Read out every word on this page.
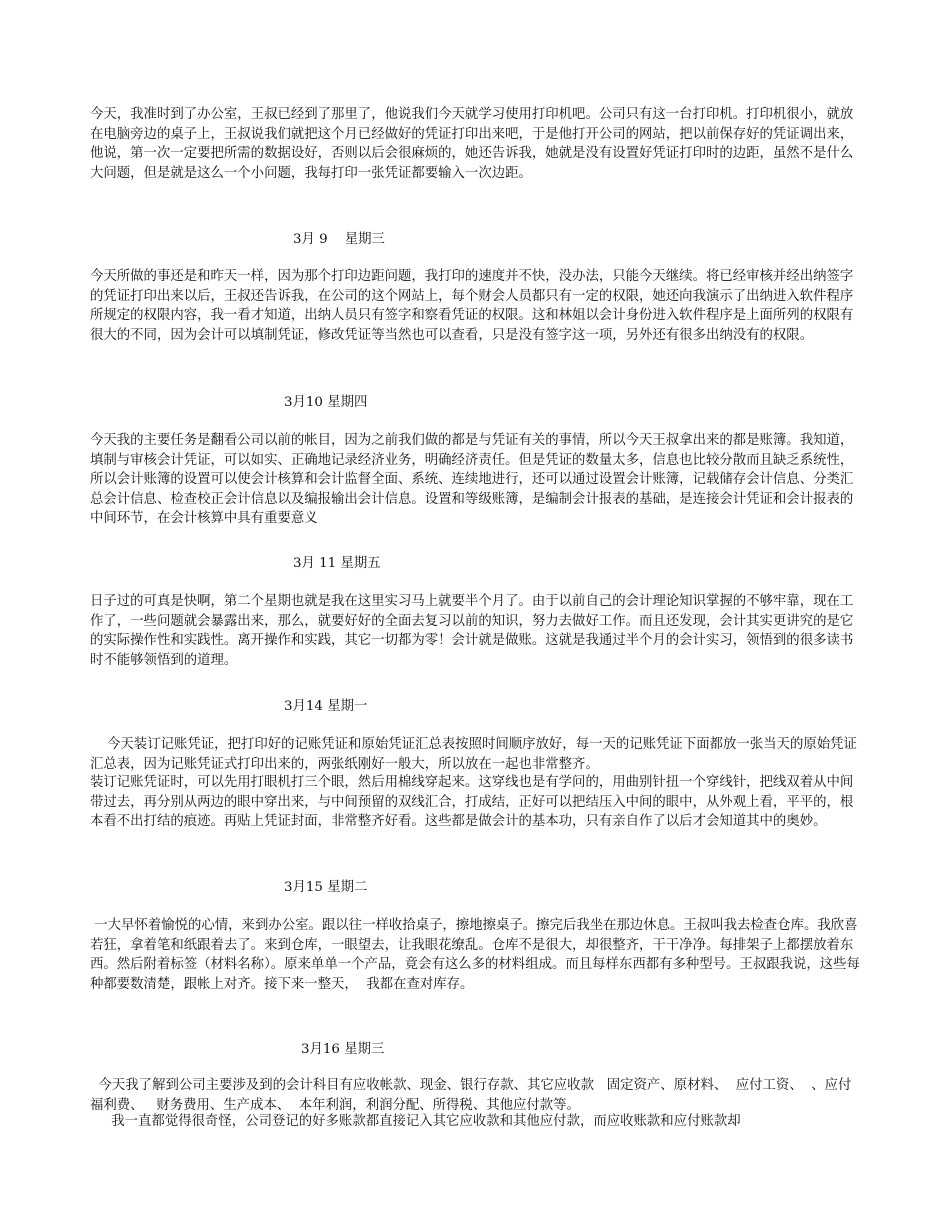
今天，我准时到了办公室，王叔已经到了那里了，他说我们今天就学习使用打印机吧。公司只有这一台打印机。打印机很小，就放在电脑旁边的桌子上，王叔说我们就把这个月已经做好的凭证打印出来吧，于是他打开公司的网站，把以前保存好的凭证调出来，他说，第一次一定要把所需的数据设好，否则以后会很麻烦的，她还告诉我，她就是没有设置好凭证打印时的边距，虽然不是什么大问题，但是就是这么一个小问题，我每打印一张凭证都要输入一次边距。

3月 9    星期三

今天所做的事还是和昨天一样，因为那个打印边距问题，我打印的速度并不快，没办法，只能今天继续。将已经审核并经出纳签字的凭证打印出来以后，王叔还告诉我，在公司的这个网站上，每个财会人员都只有一定的权限，她还向我演示了出纳进入软件程序所规定的权限内容，我一看才知道，出纳人员只有签字和察看凭证的权限。这和林姐以会计身份进入软件程序是上面所列的权限有很大的不同，因为会计可以填制凭证，修改凭证等当然也可以查看，只是没有签字这一项，另外还有很多出纳没有的权限。

3月10 星期四

今天我的主要任务是翻看公司以前的帐目，因为之前我们做的都是与凭证有关的事情，所以今天王叔拿出来的都是账簿。我知道，填制与审核会计凭证，可以如实、正确地记录经济业务，明确经济责任。但是凭证的数量太多，信息也比较分散而且缺乏系统性，所以会计账簿的设置可以使会计核算和会计监督全面、系统、连续地进行，还可以通过设置会计账簿，记载储存会计信息、分类汇总会计信息、检查校正会计信息以及编报输出会计信息。设置和等级账簿，是编制会计报表的基础，是连接会计凭证和会计报表的中间环节，在会计核算中具有重要意义

3月 11 星期五

日子过的可真是快啊，第二个星期也就是我在这里实习马上就要半个月了。由于以前自己的会计理论知识掌握的不够牢靠，现在工作了，一些问题就会暴露出来，那么，就要好好的全面去复习以前的知识，努力去做好工作。而且还发现，会计其实更讲究的是它的实际操作性和实践性。离开操作和实践，其它一切都为零！会计就是做账。这就是我通过半个月的会计实习，领悟到的很多读书时不能够领悟到的道理。

3月14 星期一

今天装订记账凭证，把打印好的记账凭证和原始凭证汇总表按照时间顺序放好，每一天的记账凭证下面都放一张当天的原始凭证汇总表，因为记账凭证式打印出来的，两张纸刚好一般大，所以放在一起也非常整齐。

装订记账凭证时，可以先用打眼机打三个眼，然后用棉线穿起来。这穿线也是有学问的，用曲别针扭一个穿线针，把线双着从中间带过去，再分别从两边的眼中穿出来，与中间预留的双线汇合，打成结，正好可以把结压入中间的眼中，从外观上看，平平的，根本看不出打结的痕迹。再贴上凭证封面，非常整齐好看。这些都是做会计的基本功，只有亲自作了以后才会知道其中的奥妙。

3月15 星期二

一大早怀着愉悦的心情，来到办公室。跟以往一样收拾桌子，擦地擦桌子。擦完后我坐在那边休息。王叔叫我去检查仓库。我欣喜若狂，拿着笔和纸跟着去了。来到仓库，一眼望去，让我眼花缭乱。仓库不是很大，却很整齐，干干净净。每排架子上都摆放着东西。然后附着标签（材料名称）。原来单单一个产品，竟会有这么多的材料组成。而且每样东西都有多种型号。王叔跟我说，这些每种都要数清楚，跟帐上对齐。接下来一整天，  我都在查对库存。

3月16 星期三

今天我了解到公司主要涉及到的会计科目有应收帐款、现金、银行存款、其它应收款   固定资产、原材料、  应付工资、  、应付福利费、   财务费用、生产成本、  本年利润，利润分配、所得税、其他应付款等。

我一直都觉得很奇怪，公司登记的好多账款都直接记入其它应收款和其他应付款，而应收账款和应付账款却
